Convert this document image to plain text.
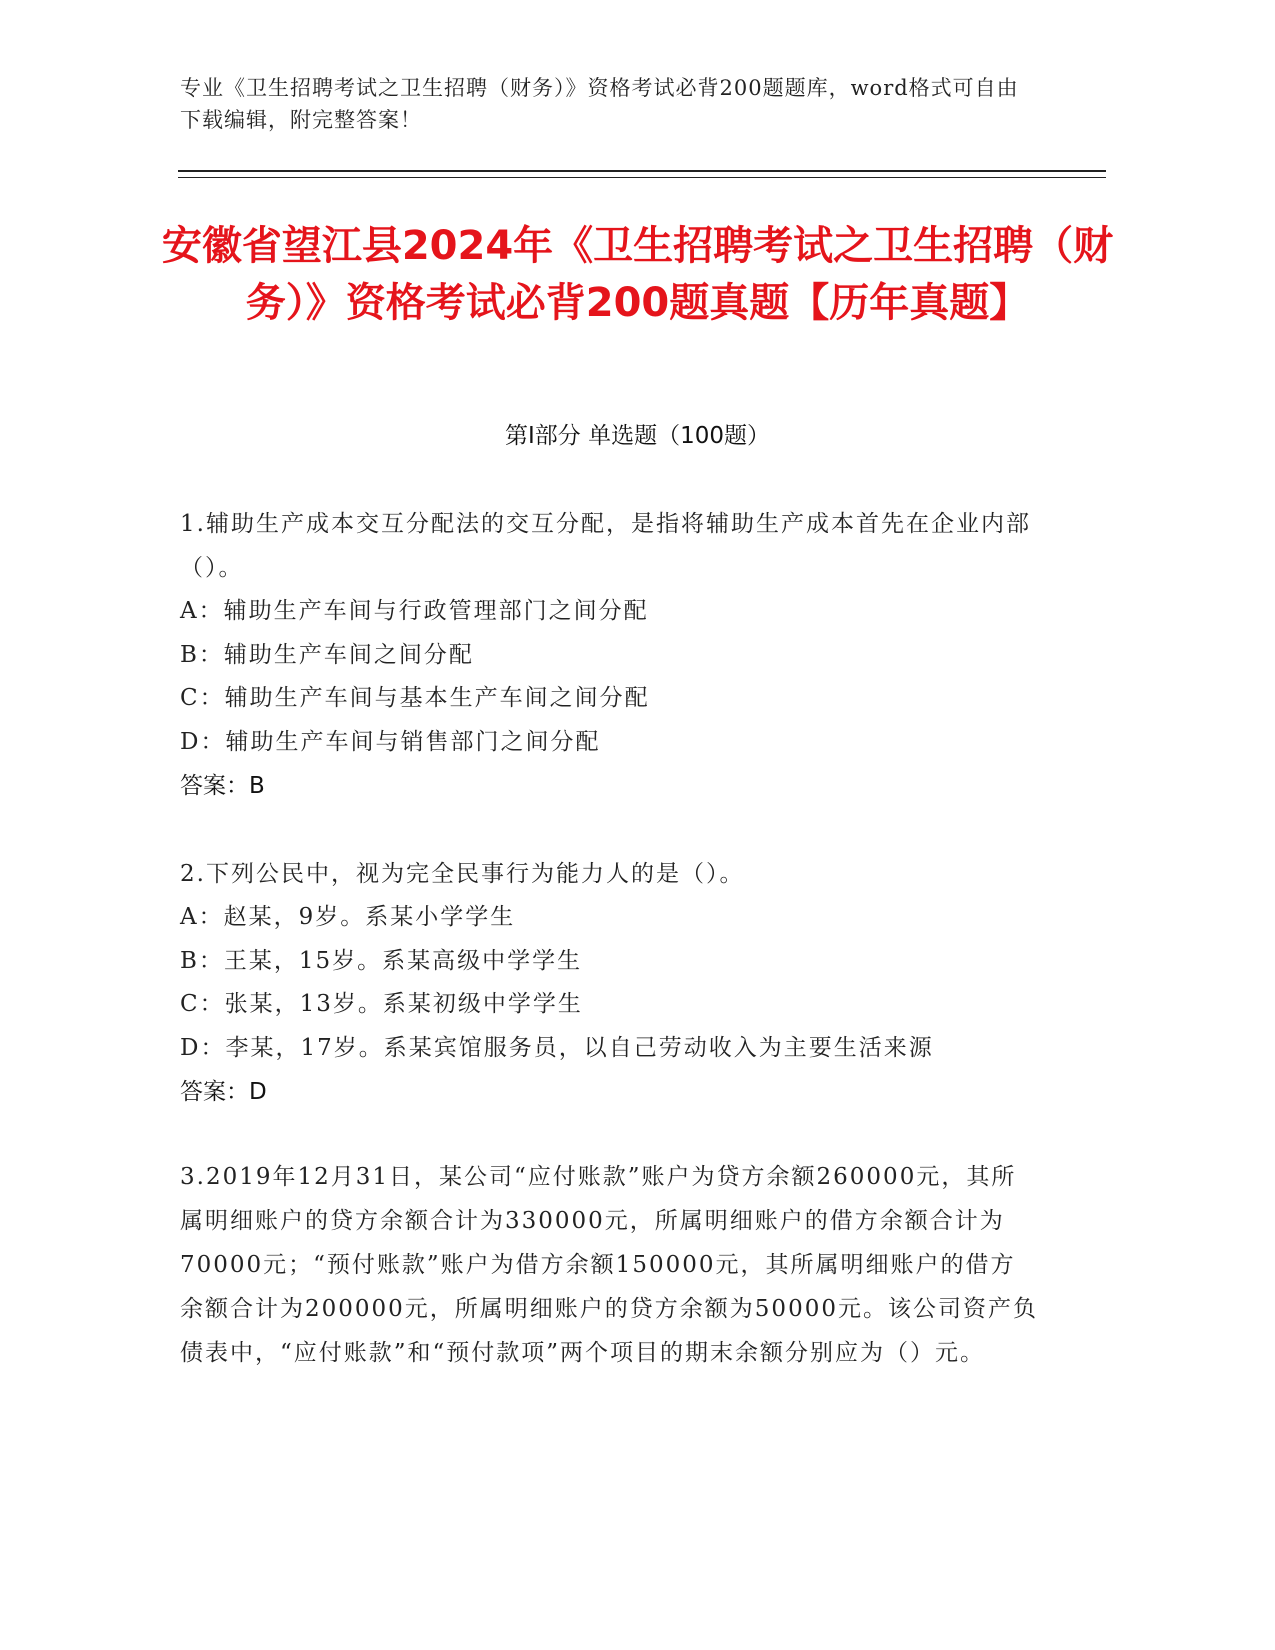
专业《卫生招聘考试之卫生招聘（财务）》资格考试必背200题题库，word格式可自由下载编辑，附完整答案！
安徽省望江县2024年《卫生招聘考试之卫生招聘（财务）》资格考试必背200题真题【历年真题】
第I部分 单选题（100题）
1.辅助生产成本交互分配法的交互分配，是指将辅助生产成本首先在企业内部（）。
A：辅助生产车间与行政管理部门之间分配
B：辅助生产车间之间分配
C：辅助生产车间与基本生产车间之间分配
D：辅助生产车间与销售部门之间分配
答案：B
2.下列公民中，视为完全民事行为能力人的是（）。
A：赵某，9岁。系某小学学生
B：王某，15岁。系某高级中学学生
C：张某，13岁。系某初级中学学生
D：李某，17岁。系某宾馆服务员，以自己劳动收入为主要生活来源
答案：D
3.2019年12月31日，某公司“应付账款”账户为贷方余额260000元，其所属明细账户的贷方余额合计为330000元，所属明细账户的借方余额合计为70000元；“预付账款”账户为借方余额150000元，其所属明细账户的借方余额合计为200000元，所属明细账户的贷方余额为50000元。该公司资产负债表中，“应付账款”和“预付款项”两个项目的期末余额分别应为（）元。
